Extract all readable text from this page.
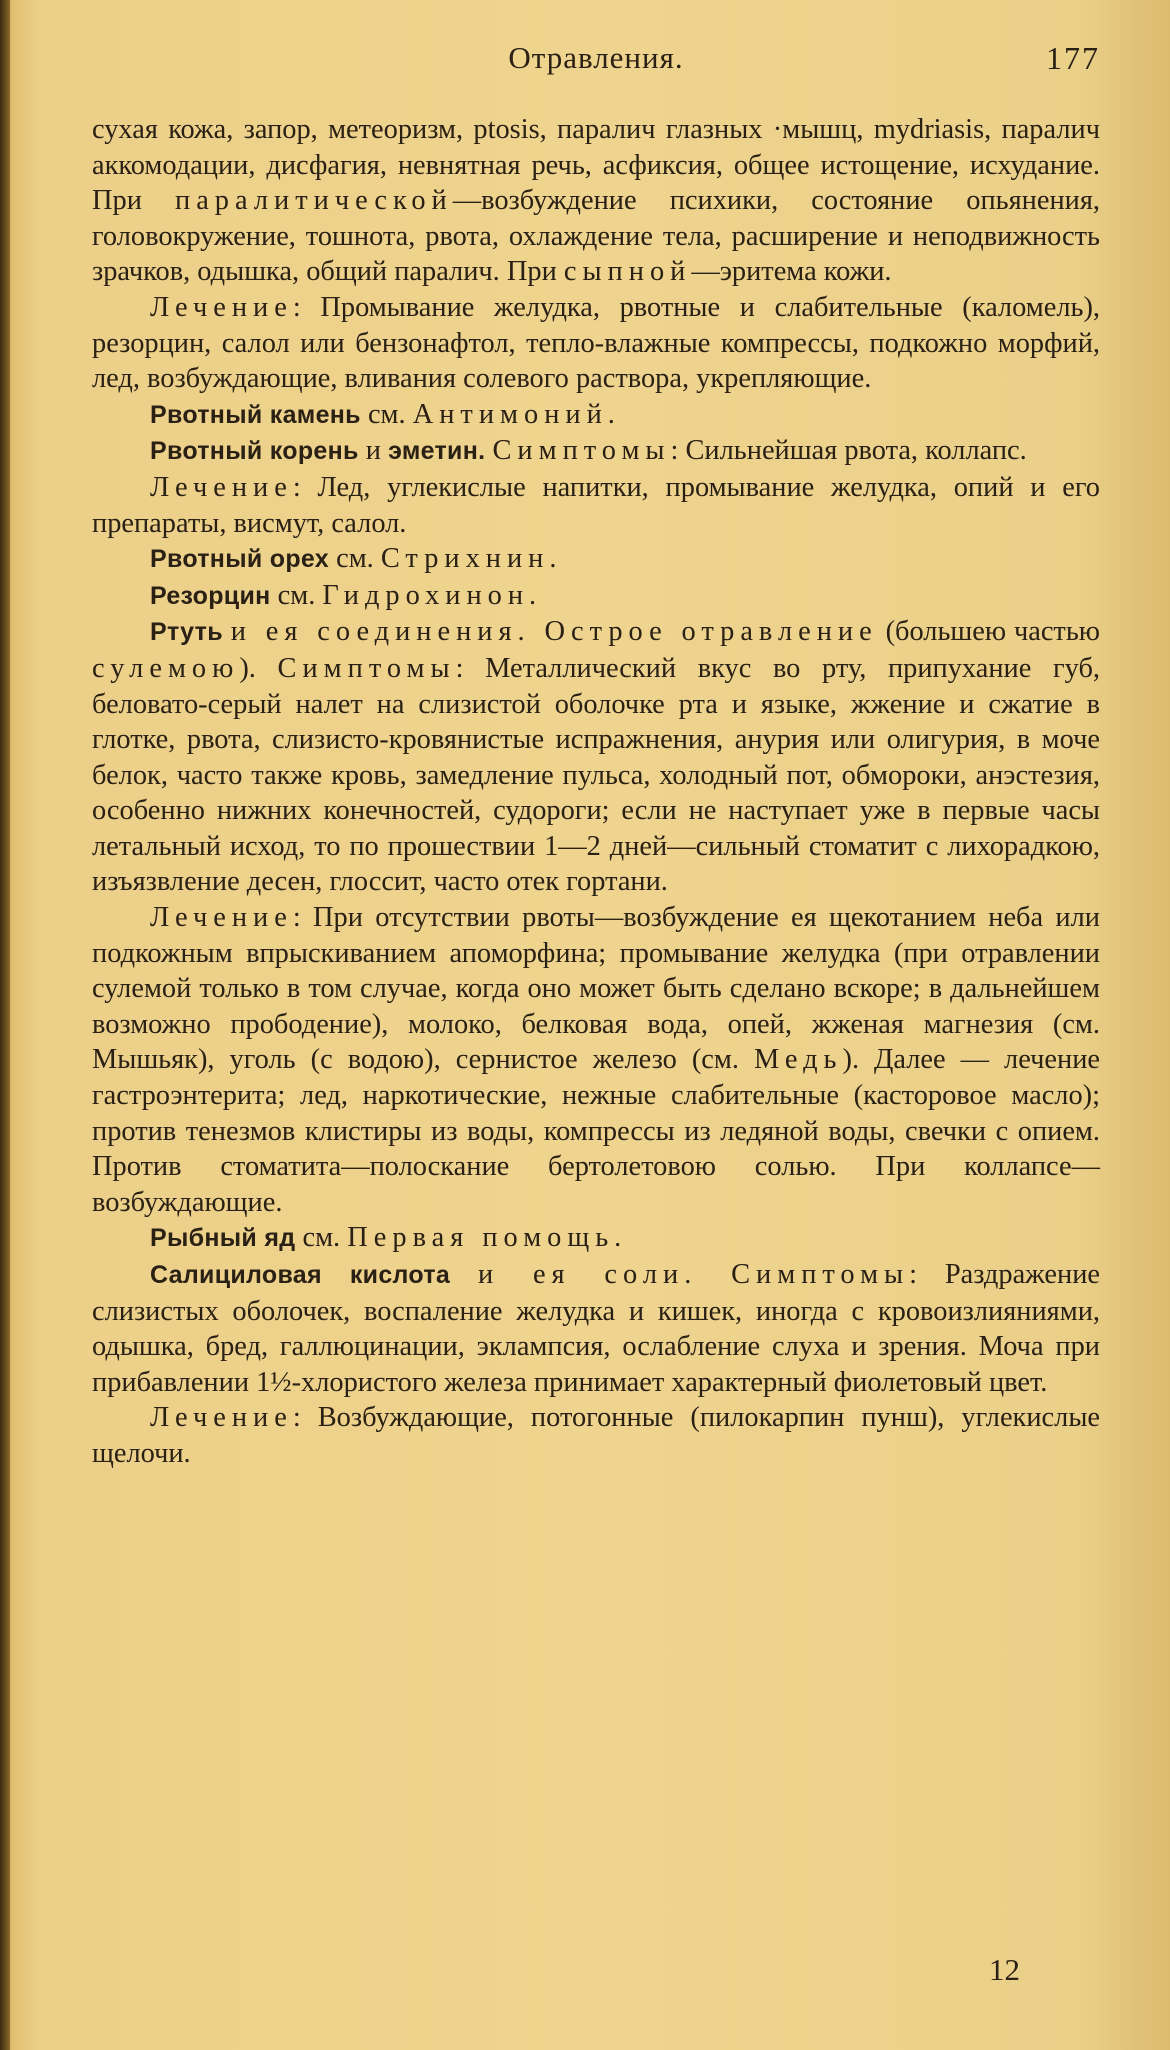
Отравления.	177

сухая кожа, запор, метеоризм, ptosis, паралич глазных ·мышц, mydriasis, паралич аккомодации, дисфагия, невнятная речь, асфиксия, общее истощение, исхудание. При паралитической—возбуждение психики, состояние опьянения, головокружение, тошнота, рвота, охлаждение тела, расширение и неподвижность зрачков, одышка, общий паралич. При сыпной—эритема кожи.

Лечение: Промывание желудка, рвотные и слабительные (каломель), резорцин, салол или бензонафтол, тепло-влажные компрессы, подкожно морфий, лед, возбуждающие, вливания солевого раствора, укрепляющие.

Рвотный камень см. Антимоний.

Рвотный корень и эметин. Симптомы: Сильнейшая рвота, коллапс.

Лечение: Лед, углекислые напитки, промывание желудка, опий и его препараты, висмут, салол.

Рвотный орех см. Стрихнин.

Резорцин см. Гидрохинон.

Ртуть и ея соединения. Острое отравление (большею частью сулемою). Симптомы: Металлический вкус во рту, припухание губ, беловато-серый налет на слизистой оболочке рта и языке, жжение и сжатие в глотке, рвота, слизисто-кровянистые испражнения, анурия или олигурия, в моче белок, часто также кровь, замедление пульса, холодный пот, обмороки, анэстезия, особенно нижних конечностей, судороги; если не наступает уже в первые часы летальный исход, то по прошествии 1—2 дней—сильный стоматит с лихорадкою, изъязвление десен, глоссит, часто отек гортани.

Лечение: При отсутствии рвоты—возбуждение ея щекотанием неба или подкожным впрыскиванием апоморфина; промывание желудка (при отравлении сулемой только в том случае, когда оно может быть сделано вскоре; в дальнейшем возможно прободение), молоко, белковая вода, опей, жженая магнезия (см. Мышьяк), уголь (с водою), сернистое железо (см. Медь). Далее — лечение гастроэнтерита; лед, наркотические, нежные слабительные (касторовое масло); против тенезмов клистиры из воды, компрессы из ледяной воды, свечки с опием. Против стоматита—полоскание бертолетовою солью. При коллапсе—возбуждающие.

Рыбный яд см. Первая помощь.

Салициловая кислота и ея соли. Симптомы: Раздражение слизистых оболочек, воспаление желудка и кишек, иногда с кровоизлияниями, одышка, бред, галлюцинации, эклампсия, ослабление слуха и зрения. Моча при прибавлении 1½-хлористого железа принимает характерный фиолетовый цвет.

Лечение: Возбуждающие, потогонные (пилокарпин пунш), углекислые щелочи.

12
